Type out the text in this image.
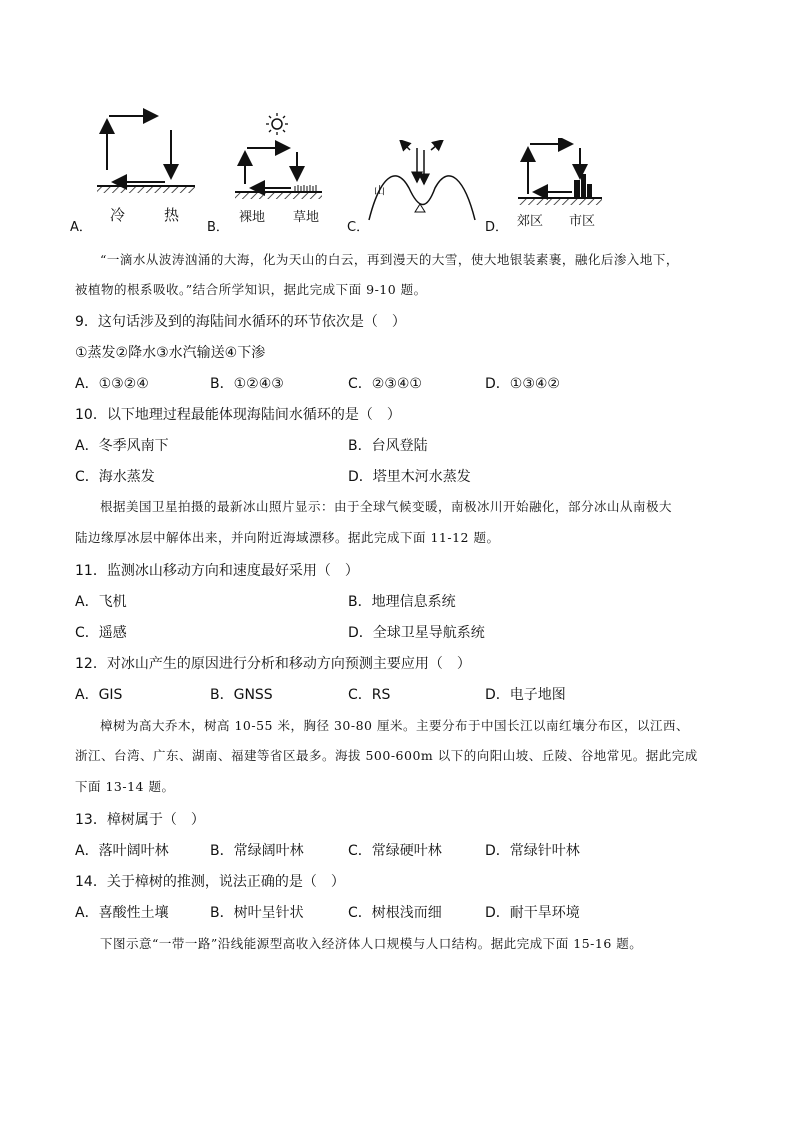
A．
冷	热
B．
裸地 草地
C．
山
D． 郊区 市区
“一滴水从波涛汹涌的大海，化为天山的白云，再到漫天的大雪，使大地银装素裹，融化后渗入地下，
被植物的根系吸收。”结合所学知识，据此完成下面 9-10 题。
9．这句话涉及到的海陆间水循环的环节依次是（　）
①蒸发②降水③水汽输送④下渗
A．①③②④	B．①②④③	C．②③④①	D．①③④②
10．以下地理过程最能体现海陆间水循环的是（　）
A．冬季风南下	B．台风登陆
C．海水蒸发	D．塔里木河水蒸发
根据美国卫星拍摄的最新冰山照片显示：由于全球气候变暖，南极冰川开始融化，部分冰山从南极大
陆边缘厚冰层中解体出来，并向附近海域漂移。据此完成下面 11-12 题。
11．监测冰山移动方向和速度最好采用（　）
A．飞机	B．地理信息系统
C．遥感	D．全球卫星导航系统
12．对冰山产生的原因进行分析和移动方向预测主要应用（　）
A．GIS	B．GNSS	C．RS	D．电子地图
樟树为高大乔木，树高 10-55 米，胸径 30-80 厘米。主要分布于中国长江以南红壤分布区，以江西、
浙江、台湾、广东、湖南、福建等省区最多。海拔 500-600m 以下的向阳山坡、丘陵、谷地常见。据此完成
下面 13-14 题。
13．樟树属于（　）
A．落叶阔叶林	B．常绿阔叶林	C．常绿硬叶林	D．常绿针叶林
14．关于樟树的推测，说法正确的是（　）
A．喜酸性土壤	B．树叶呈针状	C．树根浅而细	D．耐干旱环境
下图示意“一带一路”沿线能源型高收入经济体人口规模与人口结构。据此完成下面 15-16 题。
